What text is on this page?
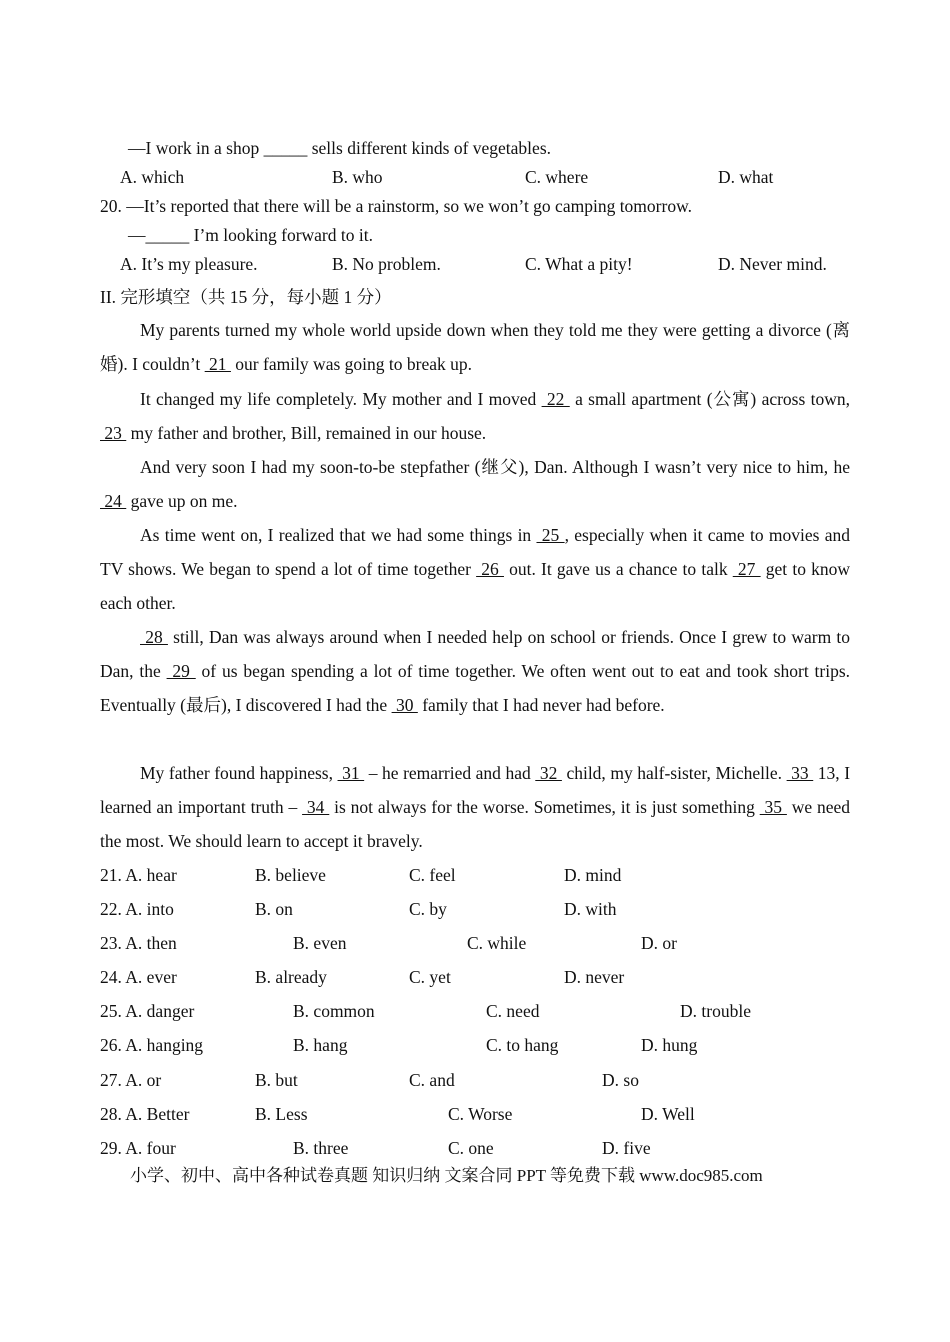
—I work in a shop _____ sells different kinds of vegetables.
A. which	B. who	C. where	D. what
20. —It’s reported that there will be a rainstorm, so we won’t go camping tomorrow.
—_____ I’m looking forward to it.
A. It’s my pleasure.	B. No problem.	C. What a pity!	D. Never mind.
II. 完形填空（共 15 分，每小题 1 分）
My parents turned my whole world upside down when they told me they were getting a divorce (离婚). I couldn’t  21  our family was going to break up.
It changed my life completely. My mother and I moved  22  a small apartment (公寓) across town,  23  my father and brother, Bill, remained in our house.
And very soon I had my soon-to-be stepfather (继父), Dan. Although I wasn’t very nice to him, he  24  gave up on me.
As time went on, I realized that we had some things in  25 , especially when it came to movies and TV shows. We began to spend a lot of time together  26  out. It gave us a chance to talk  27  get to know each other.
28  still, Dan was always around when I needed help on school or friends. Once I grew to warm to Dan, the  29  of us began spending a lot of time together. We often went out to eat and took short trips. Eventually (最后), I discovered I had the  30  family that I had never had before.
My father found happiness,  31  – he remarried and had  32  child, my half-sister, Michelle.  33  13, I learned an important truth –  34  is not always for the worse. Sometimes, it is just something  35  we need the most. We should learn to accept it bravely.
21. A. hear	B. believe	C. feel	D. mind
22. A. into	B. on	C. by	D. with
23. A. then	B. even	C. while	D. or
24. A. ever	B. already	C. yet	D. never
25. A. danger	B. common	C. need	D. trouble
26. A. hanging	B. hang	C. to hang	D. hung
27. A. or	B. but	C. and	D. so
28. A. Better	B. Less	C. Worse	D. Well
29. A. four	B. three	C. one	D. five
小学、初中、高中各种试卷真题 知识归纳 文案合同 PPT 等免费下载 www.doc985.com
